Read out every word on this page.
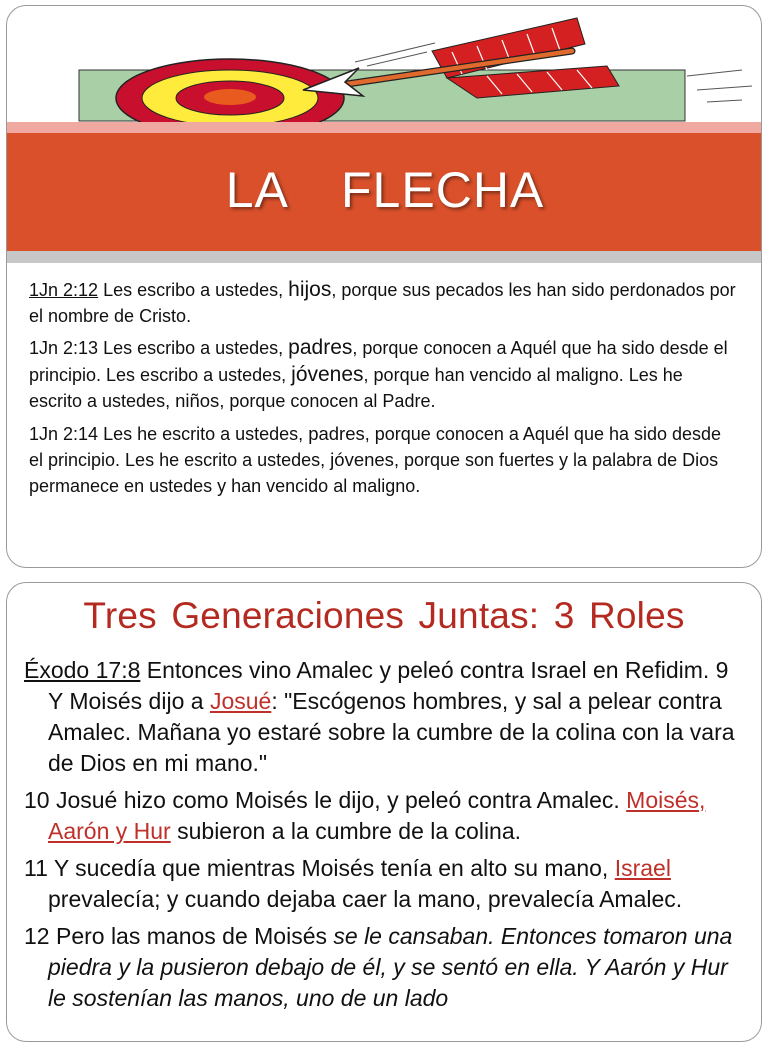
LA FLECHA

1Jn 2:12 Les escribo a ustedes, hijos, porque sus pecados les han sido perdonados por el nombre de Cristo.

1Jn 2:13 Les escribo a ustedes, padres, porque conocen a Aquél que ha sido desde el principio. Les escribo a ustedes, jóvenes, porque han vencido al maligno. Les he escrito a ustedes, niños, porque conocen al Padre.

1Jn 2:14 Les he escrito a ustedes, padres, porque conocen a Aquél que ha sido desde el principio. Les he escrito a ustedes, jóvenes, porque son fuertes y la palabra de Dios permanece en ustedes y han vencido al maligno.

Tres Generaciones Juntas: 3 Roles

Éxodo 17:8 Entonces vino Amalec y peleó contra Israel en Refidim. 9 Y Moisés dijo a Josué: "Escógenos hombres, y sal a pelear contra Amalec. Mañana yo estaré sobre la cumbre de la colina con la vara de Dios en mi mano."

10 Josué hizo como Moisés le dijo, y peleó contra Amalec. Moisés, Aarón y Hur subieron a la cumbre de la colina.

11 Y sucedía que mientras Moisés tenía en alto su mano, Israel prevalecía; y cuando dejaba caer la mano, prevalecía Amalec.

12 Pero las manos de Moisés se le cansaban. Entonces tomaron una piedra y la pusieron debajo de él, y se sentó en ella. Y Aarón y Hur le sostenían las manos, uno de un lado
